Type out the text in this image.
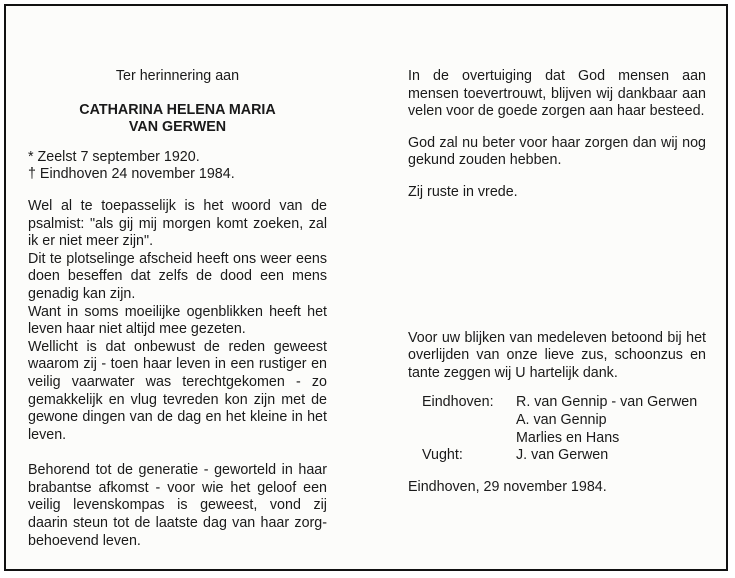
Ter herinnering aan

CATHARINA HELENA MARIA

VAN GERWEN

* Zeelst 7 september 1920.

† Eindhoven 24 november 1984.

Wel al te toepasselijk is het woord van de psalmist: "als gij mij morgen komt zoeken, zal ik er niet meer zijn".

Dit te plotselinge afscheid heeft ons weer eens doen beseffen dat zelfs de dood een mens genadig kan zijn.

Want in soms moeilijke ogenblikken heeft het leven haar niet altijd mee gezeten.

Wellicht is dat onbewust de reden geweest waarom zij - toen haar leven in een rustiger en veilig vaarwater was terechtgekomen - zo gemakkelijk en vlug tevreden kon zijn met de gewone dingen van de dag en het kleine in het leven.

Behorend tot de generatie - geworteld in haar brabantse afkomst - voor wie het geloof een veilig levenskompas is geweest, vond zij daarin steun tot de laatste dag van haar zorg-behoevend leven.

In de overtuiging dat God mensen aan mensen toevertrouwt, blijven wij dankbaar aan velen voor de goede zorgen aan haar besteed.

God zal nu beter voor haar zorgen dan wij nog gekund zouden hebben.

Zij ruste in vrede.

Voor uw blijken van medeleven betoond bij het overlijden van onze lieve zus, schoonzus en tante zeggen wij U hartelijk dank.

Eindhoven:	R. van Gennip - van Gerwen
A. van Gennip
Marlies en Hans
Vught:	J. van Gerwen

Eindhoven, 29 november 1984.
